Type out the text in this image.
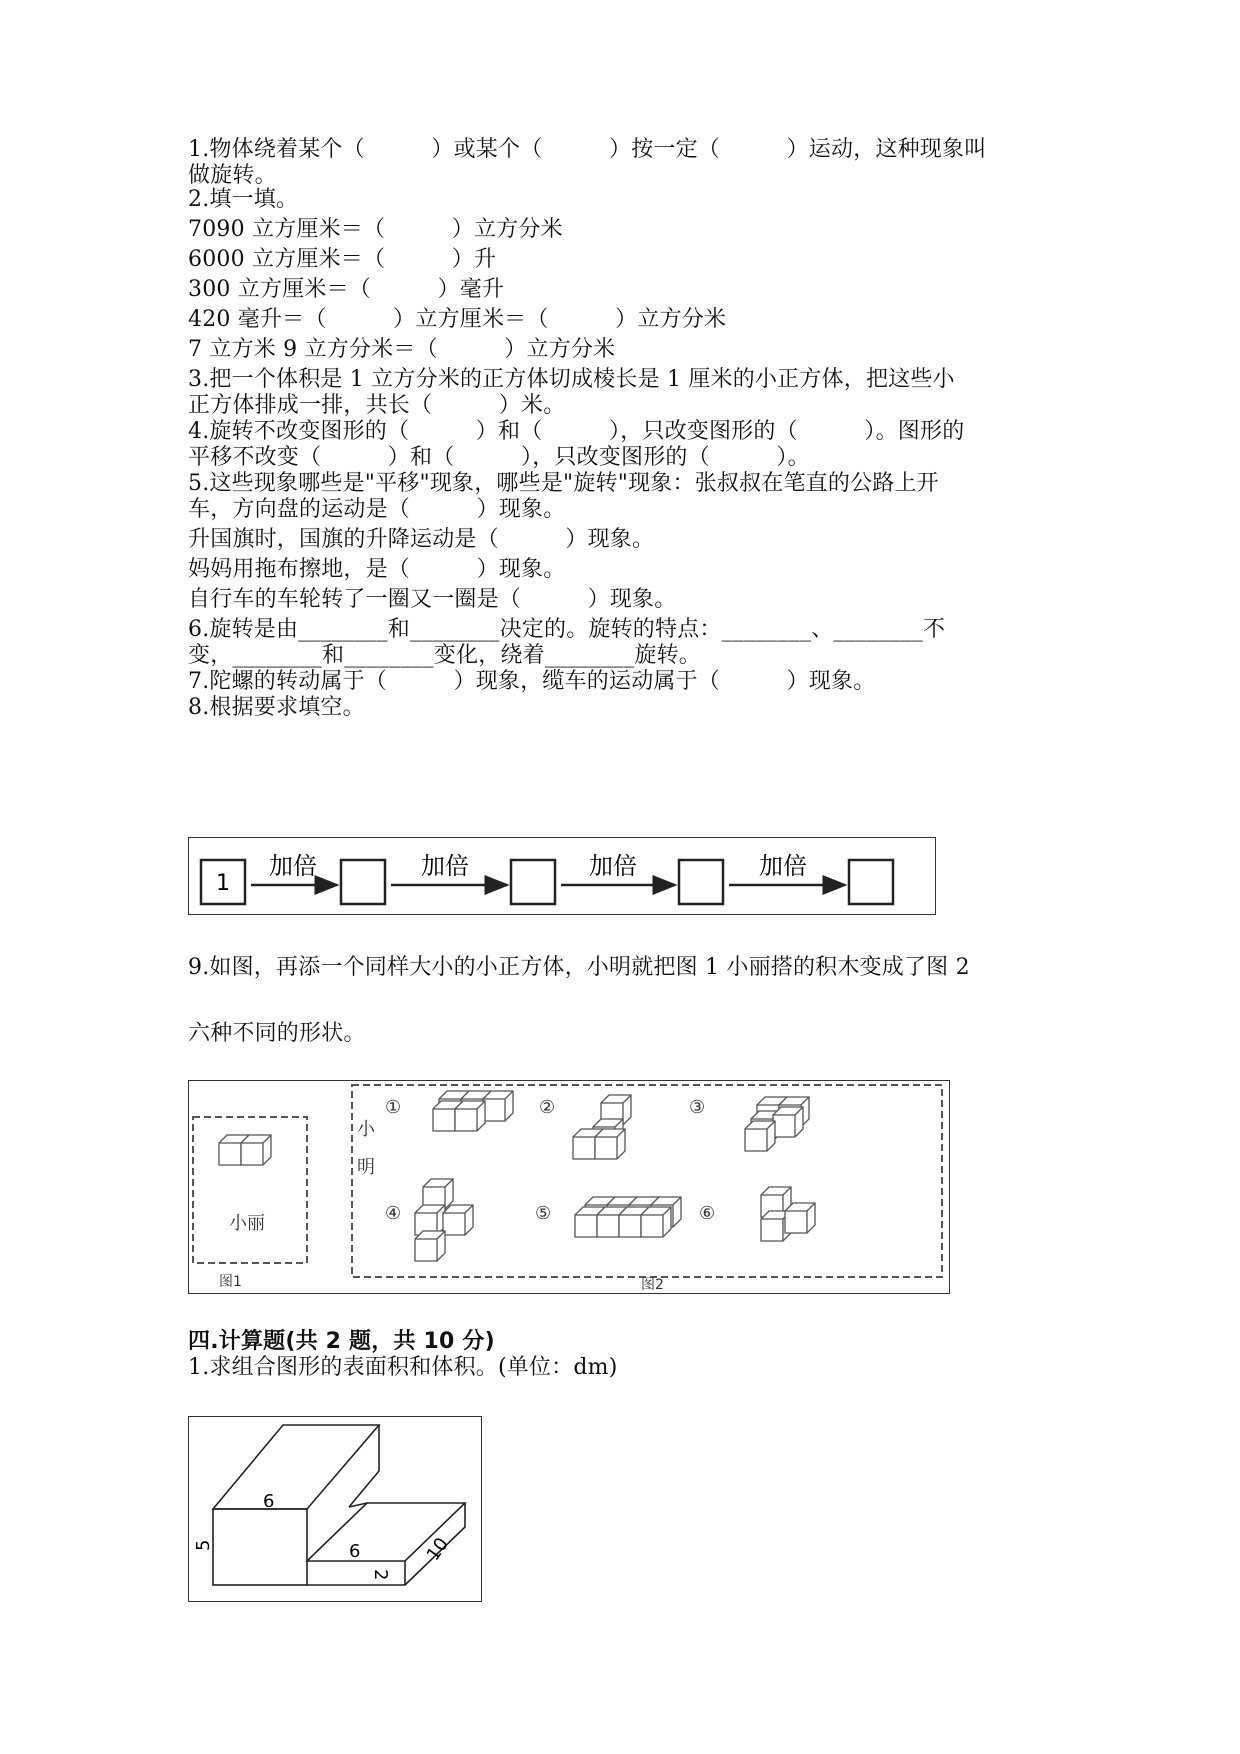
1.物体绕着某个（　　　）或某个（　　　）按一定（　　　）运动，这种现象叫
做旋转。
2.填一填。
7090 立方厘米＝（　　　）立方分米
6000 立方厘米＝（　　　）升
300 立方厘米＝（　　　）毫升
420 毫升＝（　　　）立方厘米＝（　　　）立方分米
7 立方米 9 立方分米＝（　　　）立方分米
3.把一个体积是 1 立方分米的正方体切成棱长是 1 厘米的小正方体，把这些小
正方体排成一排，共长（　　　）米。
4.旋转不改变图形的（　　　）和（　　　），只改变图形的（　　　）。图形的
平移不改变（　　　）和（　　　），只改变图形的（　　　）。
5.这些现象哪些是"平移"现象，哪些是"旋转"现象：张叔叔在笔直的公路上开
车，方向盘的运动是（　　　）现象。
升国旗时，国旗的升降运动是（　　　）现象。
妈妈用拖布擦地，是（　　　）现象。
自行车的车轮转了一圈又一圈是（　　　）现象。
6.旋转是由________和________决定的。旋转的特点：________、________不
变，________和________变化，绕着________旋转。
7.陀螺的转动属于（　　　）现象，缆车的运动属于（　　　）现象。
8.根据要求填空。
1
加倍	加倍	加倍	加倍
9.如图，再添一个同样大小的小正方体，小明就把图 1 小丽搭的积木变成了图 2
六种不同的形状。
小丽
图1
小
明
图2
①	②	③
④	⑤	⑥
四.计算题(共 2 题，共 10 分)
1.求组合图形的表面积和体积。(单位：dm)
6
5	6
2
10
